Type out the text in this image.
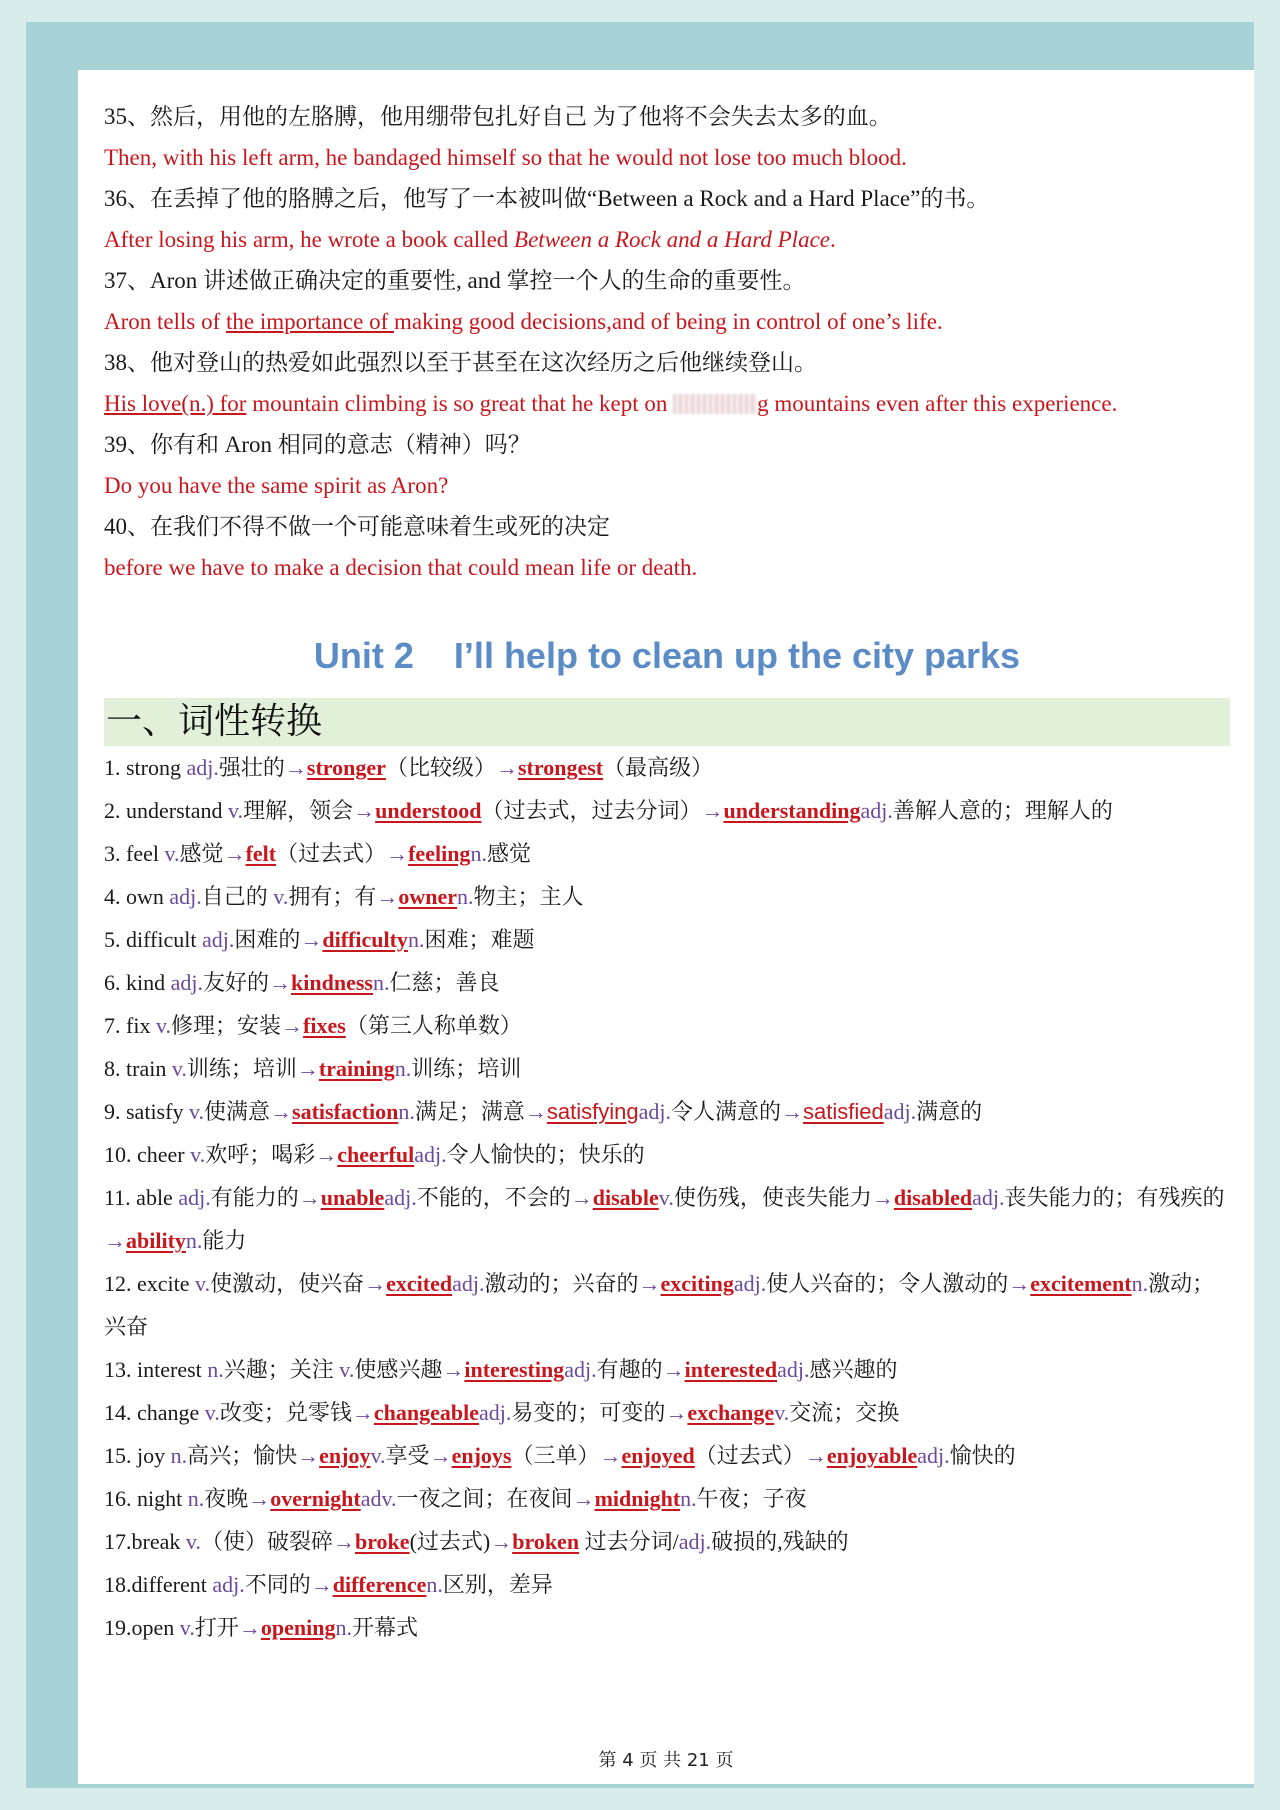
35、然后，用他的左胳膊，他用绷带包扎好自己 为了他将不会失去太多的血。
Then, with his left arm, he bandaged himself so that he would not lose too much blood.
36、在丢掉了他的胳膊之后，他写了一本被叫做“Between a Rock and a Hard Place”的书。
After losing his arm, he wrote a book called Between a Rock and a Hard Place.
37、Aron 讲述做正确决定的重要性, and 掌控一个人的生命的重要性。
Aron tells of the importance of making good decisions,and of being in control of one’s life.
38、他对登山的热爱如此强烈以至于甚至在这次经历之后他继续登山。
His love(n.) for mountain climbing is so great that he kept on	g mountains even after this experience.
39、你有和 Aron 相同的意志（精神）吗？
Do you have the same spirit as Aron?
40、在我们不得不做一个可能意味着生或死的决定
before we have to make a decision that could mean life or death.
Unit 2    I’ll help to clean up the city parks
一、词性转换
1. strong adj.强壮的→stronger（比较级）→strongest（最高级）
2. understand v.理解，领会→understood（过去式，过去分词）→understandingadj.善解人意的；理解人的
3. feel v.感觉→felt（过去式）→feelingn.感觉
4. own adj.自己的 v.拥有；有→ownern.物主；主人
5. difficult adj.困难的→difficultyn.困难；难题
6. kind adj.友好的→kindnessn.仁慈；善良
7. fix v.修理；安装→fixes（第三人称单数）
8. train v.训练；培训→trainingn.训练；培训
9. satisfy v.使满意→satisfactionn.满足；满意→satisfyingadj.令人满意的→satisfiedadj.满意的
10. cheer v.欢呼；喝彩→cheerfuladj.令人愉快的；快乐的
11. able adj.有能力的→unableadj.不能的，不会的→disablev.使伤残，使丧失能力→disabledadj.丧失能力的；有残疾的→abilityn.能力
12. excite v.使激动，使兴奋→excitedadj.激动的；兴奋的→excitingadj.使人兴奋的；令人激动的→excitementn.激动；兴奋
13. interest n.兴趣；关注 v.使感兴趣→interestingadj.有趣的→interestedadj.感兴趣的
14. change v.改变；兑零钱→changeableadj.易变的；可变的→exchangev.交流；交换
15. joy n.高兴；愉快→enjoyv.享受→enjoys（三单）→enjoyed（过去式）→enjoyableadj.愉快的
16. night n.夜晚→overnightadv.一夜之间；在夜间→midnightn.午夜；子夜
17.break v.（使）破裂碎→broke(过去式)→broken 过去分词/adj.破损的,残缺的
18.different adj.不同的→differencen.区别，差异
19.open v.打开→openingn.开幕式
第 4 页 共 21 页
